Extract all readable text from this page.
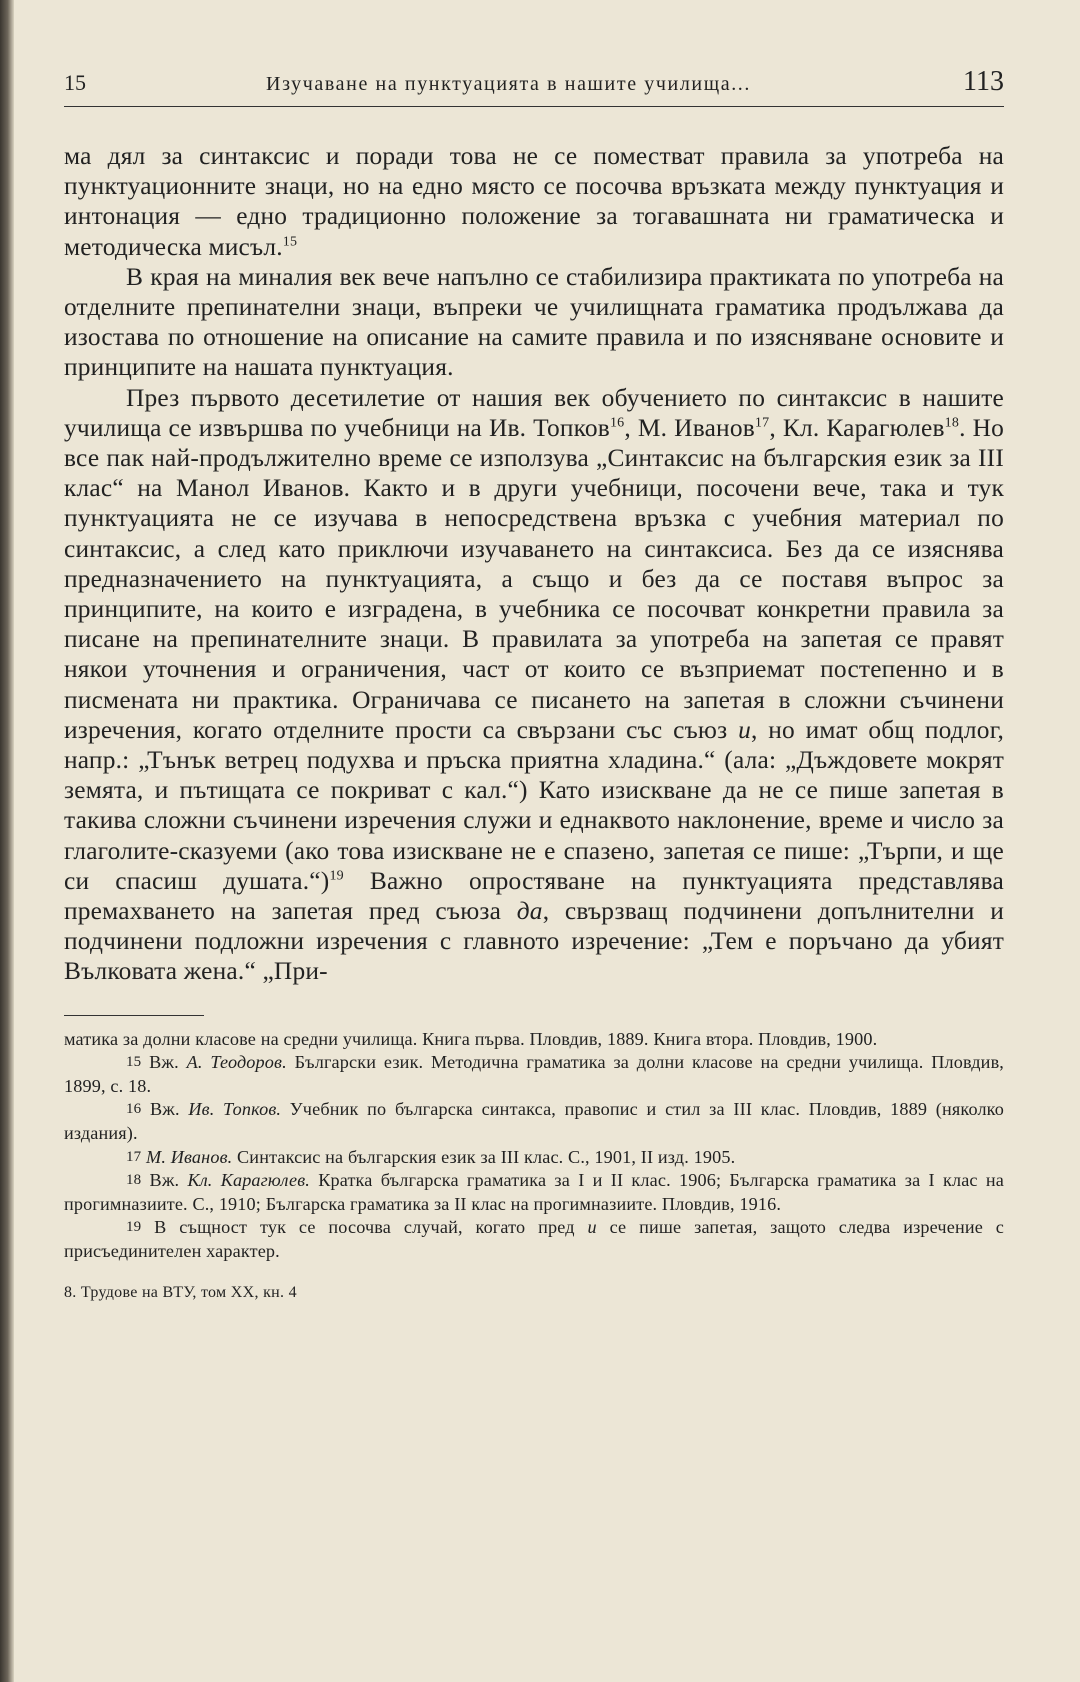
15	Изучаване на пунктуацията в нашите училища...	113

ма дял за синтаксис и поради това не се поместват правила за употреба на пунктуационните знаци, но на едно място се посочва връзката между пунктуация и интонация — едно традиционно положение за тогавашната ни граматическа и методическа мисъл.$^{15}$

В края на миналия век вече напълно се стабилизира практиката по употреба на отделните препинателни знаци, въпреки че училищната граматика продължава да изостава по отношение на описание на самите правила и по изясняване основите и принципите на нашата пунктуация.

През първото десетилетие от нашия век обучението по синтаксис в нашите училища се извършва по учебници на Ив. Топков$^{16}$, М. Иванов$^{17}$, Кл. Карагюлев$^{18}$. Но все пак най-продължително време се използува „Синтаксис на българския език за III клас“ на Манол Иванов. Както и в други учебници, посочени вече, така и тук пунктуацията не се изучава в непосредствена връзка с учебния материал по синтаксис, а след като приключи изучаването на синтаксиса. Без да се изяснява предназначението на пунктуацията, а също и без да се поставя въпрос за принципите, на които е изградена, в учебника се посочват конкретни правила за писане на препинателните знаци. В правилата за употреба на запетая се правят някои уточнения и ограничения, част от които се възприемат постепенно и в писмената ни практика. Ограничава се писането на запетая в сложни съчинени изречения, когато отделните прости са свързани със съюз и, но имат общ подлог, напр.: „Тънък ветрец подухва и пръска приятна хладина.“ (ала: „Дъждовете мокрят земята, и пътищата се покриват с кал.“) Като изискване да не се пише запетая в такива сложни съчинени изречения служи и еднаквото наклонение, време и число за глаголите-сказуеми (ако това изискване не е спазено, запетая се пише: „Търпи, и ще си спасиш душата.“)$^{19}$ Важно опростяване на пунктуацията представлява премахването на запетая пред съюза да, свързващ подчинени допълнителни и подчинени подложни изречения с главното изречение: „Тем е поръчано да убият Вълковата жена.“ „При-

матика за долни класове на средни училища. Книга първа. Пловдив, 1889. Книга втора. Пловдив, 1900.

15 Вж. А. Теодоров. Български език. Методична граматика за долни класове на средни училища. Пловдив, 1899, с. 18.

16 Вж. Ив. Топков. Учебник по българска синтакса, правопис и стил за III клас. Пловдив, 1889 (няколко издания).

17 М. Иванов. Синтаксис на българския език за III клас. С., 1901, II изд. 1905.

18 Вж. Кл. Карагюлев. Кратка българска граматика за I и II клас. 1906; Българска граматика за I клас на прогимназиите. С., 1910; Българска граматика за II клас на прогимназиите. Пловдив, 1916.

19 В същност тук се посочва случай, когато пред и се пише запетая, защото следва изречение с присъединителен характер.

8. Трудове на ВТУ, том XX, кн. 4
